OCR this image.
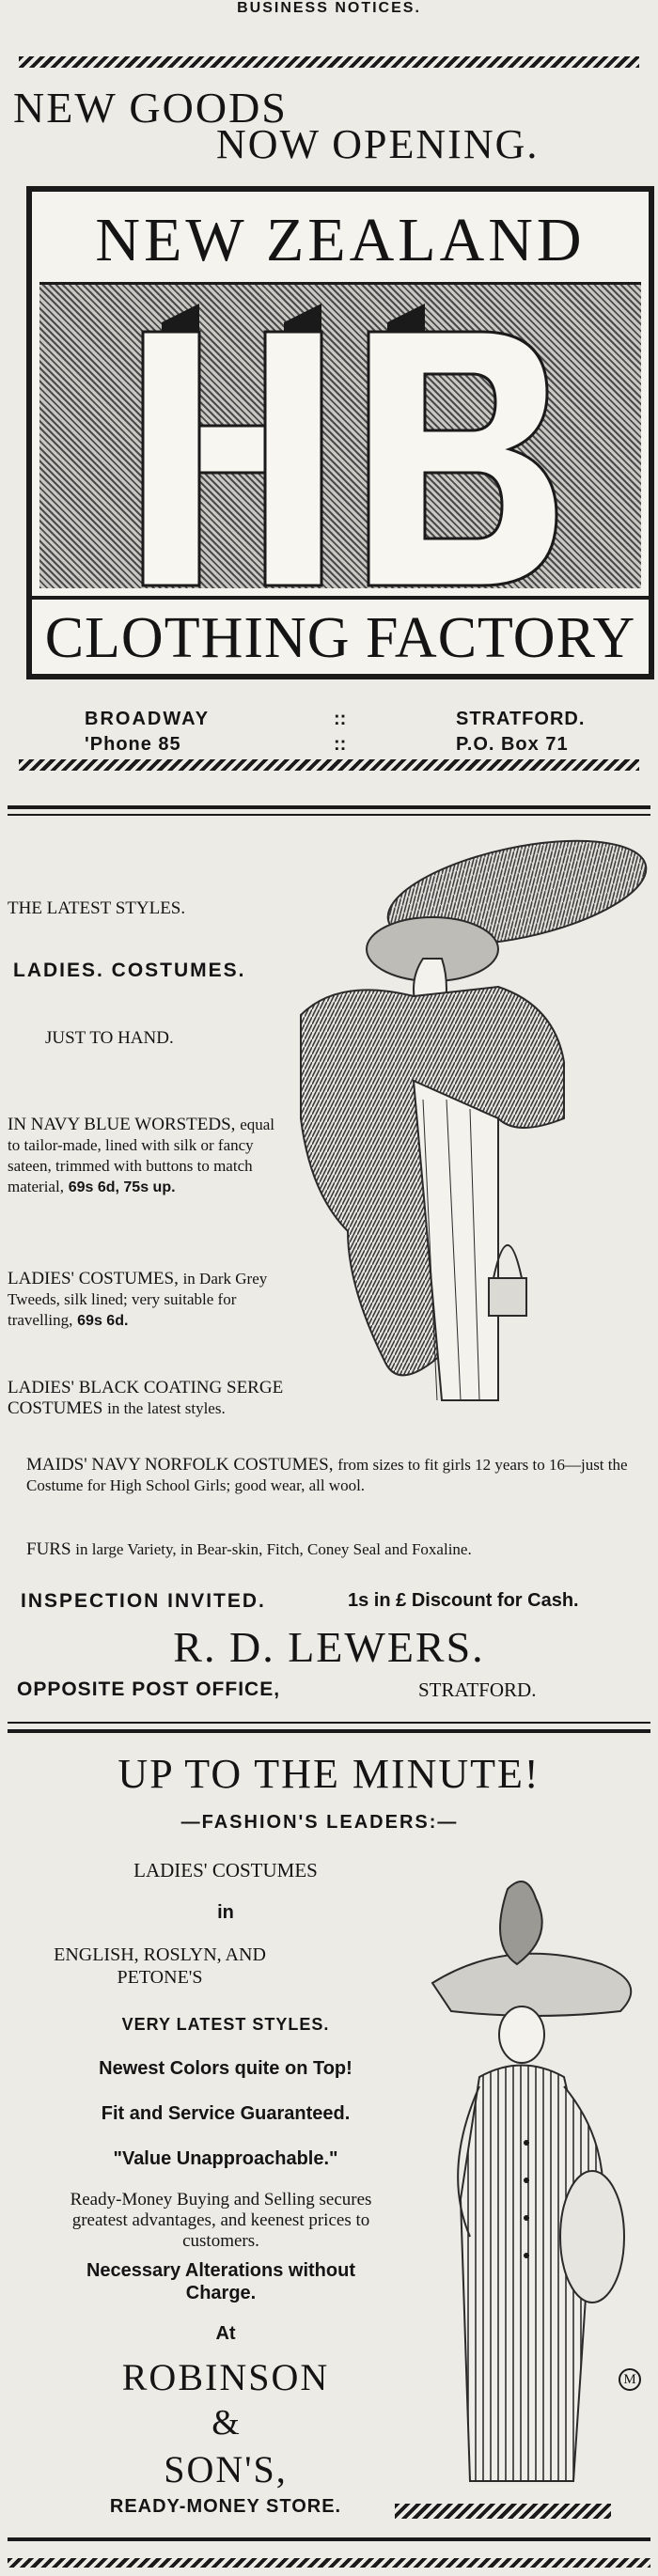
BUSINESS NOTICES.
NEW GOODS
NOW OPENING.
NEW ZEALAND
CLOTHING FACTORY
BROADWAY
'Phone 85
::
::
STRATFORD.
P.O. Box 71
THE LATEST STYLES.
LADIES. COSTUMES.
JUST TO HAND.
IN NAVY BLUE WORSTEDS, equal to tailor-made, lined with silk or fancy sateen, trimmed with buttons to match material, 69s 6d, 75s up.
LADIES' COSTUMES, in Dark Grey Tweeds, silk lined; very suitable for travelling, 69s 6d.
LADIES' BLACK COATING SERGE COSTUMES in the latest styles.
MAIDS' NAVY NORFOLK COSTUMES, from sizes to fit girls 12 years to 16—just the Costume for High School Girls; good wear, all wool.
FURS in large Variety, in Bear-skin, Fitch, Coney Seal and Foxaline.
INSPECTION INVITED.	1s in £ Discount for Cash.
R. D. LEWERS.
OPPOSITE POST OFFICE,	STRATFORD.
UP TO THE MINUTE!
M
—FASHION'S LEADERS:—
LADIES' COSTUMES
in
ENGLISH, ROSLYN, AND PETONE'S
VERY LATEST STYLES.
Newest Colors quite on Top!
Fit and Service Guaranteed.
"Value Unapproachable."
Ready-Money Buying and Selling secures greatest advantages, and keenest prices to customers.
Necessary Alterations without Charge.
At
ROBINSON
&
SON'S,
READY-MONEY STORE.
